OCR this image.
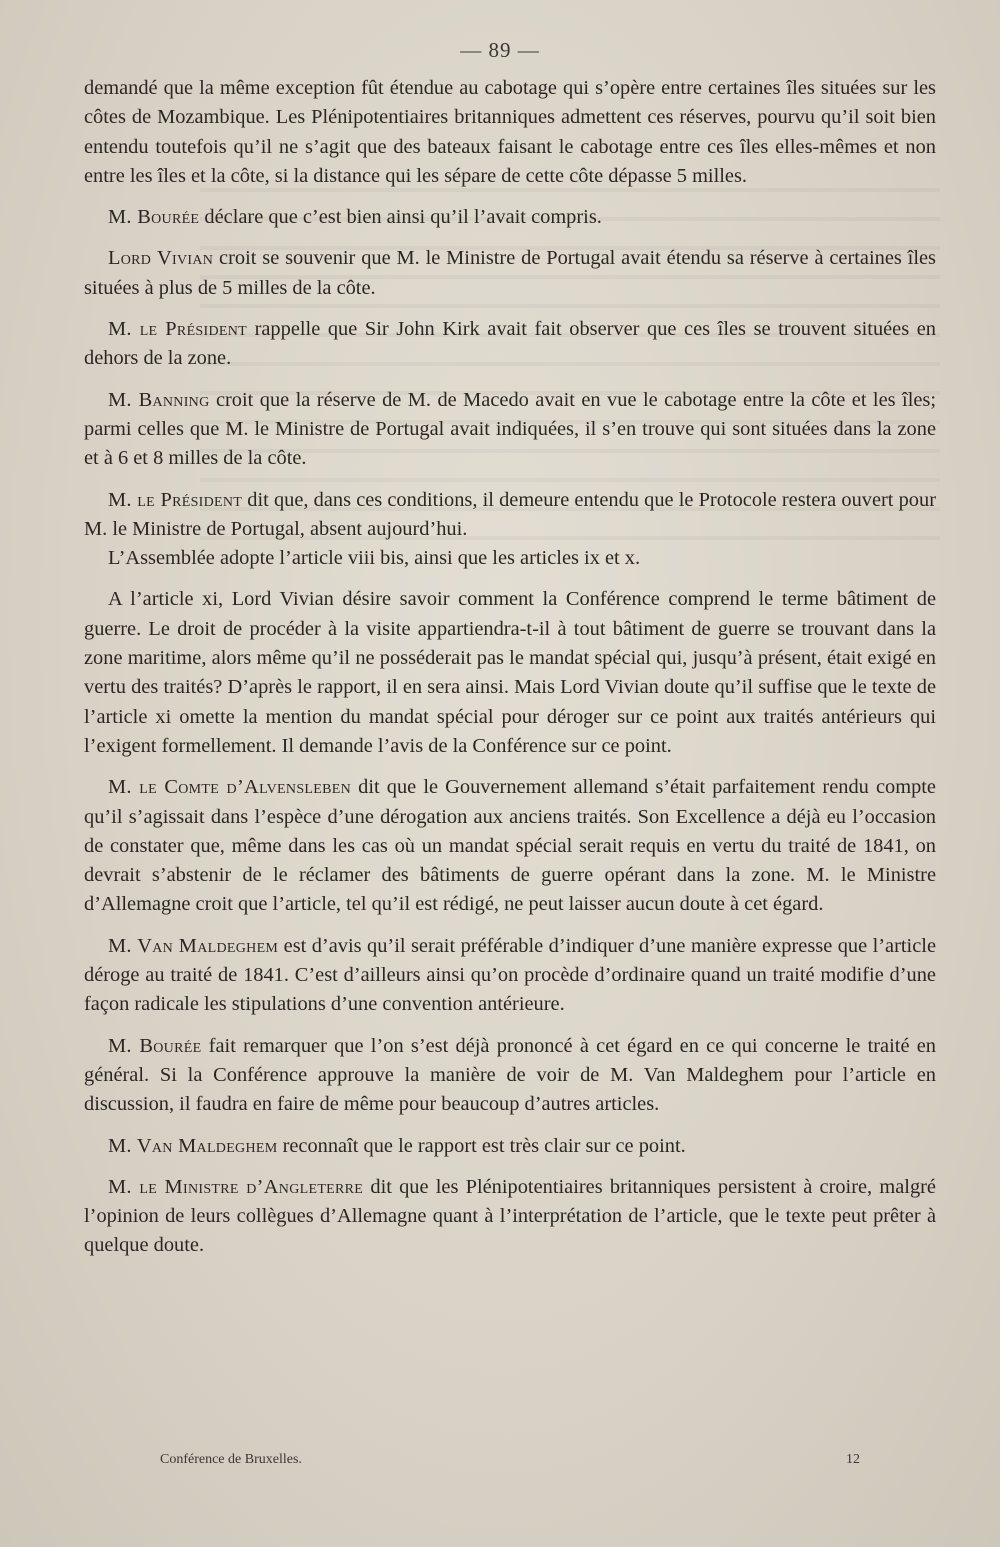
— 89 —

demandé que la même exception fût étendue au cabotage qui s’opère entre certaines îles situées sur les côtes de Mozambique. Les Plénipotentiaires britanniques admettent ces réserves, pourvu qu’il soit bien entendu toutefois qu’il ne s’agit que des bateaux faisant le cabotage entre ces îles elles-mêmes et non entre les îles et la côte, si la distance qui les sépare de cette côte dépasse 5 milles.

M. Bourée déclare que c’est bien ainsi qu’il l’avait compris.

Lord Vivian croit se souvenir que M. le Ministre de Portugal avait étendu sa réserve à certaines îles situées à plus de 5 milles de la côte.

M. le Président rappelle que Sir John Kirk avait fait observer que ces îles se trouvent situées en dehors de la zone.

M. Banning croit que la réserve de M. de Macedo avait en vue le cabotage entre la côte et les îles; parmi celles que M. le Ministre de Portugal avait indiquées, il s’en trouve qui sont situées dans la zone et à 6 et 8 milles de la côte.

M. le Président dit que, dans ces conditions, il demeure entendu que le Protocole restera ouvert pour M. le Ministre de Portugal, absent aujourd’hui.

L’Assemblée adopte l’article viii bis, ainsi que les articles ix et x.

A l’article xi, Lord Vivian désire savoir comment la Conférence comprend le terme bâtiment de guerre. Le droit de procéder à la visite appartiendra-t-il à tout bâtiment de guerre se trouvant dans la zone maritime, alors même qu’il ne posséderait pas le mandat spécial qui, jusqu’à présent, était exigé en vertu des traités? D’après le rapport, il en sera ainsi. Mais Lord Vivian doute qu’il suffise que le texte de l’article xi omette la mention du mandat spécial pour déroger sur ce point aux traités antérieurs qui l’exigent formellement. Il demande l’avis de la Conférence sur ce point.

M. le Comte d’Alvensleben dit que le Gouvernement allemand s’était parfaitement rendu compte qu’il s’agissait dans l’espèce d’une dérogation aux anciens traités. Son Excellence a déjà eu l’occasion de constater que, même dans les cas où un mandat spécial serait requis en vertu du traité de 1841, on devrait s’abstenir de le réclamer des bâtiments de guerre opérant dans la zone. M. le Ministre d’Allemagne croit que l’article, tel qu’il est rédigé, ne peut laisser aucun doute à cet égard.

M. Van Maldeghem est d’avis qu’il serait préférable d’indiquer d’une manière expresse que l’article déroge au traité de 1841. C’est d’ailleurs ainsi qu’on procède d’ordinaire quand un traité modifie d’une façon radicale les stipulations d’une convention antérieure.

M. Bourée fait remarquer que l’on s’est déjà prononcé à cet égard en ce qui concerne le traité en général. Si la Conférence approuve la manière de voir de M. Van Maldeghem pour l’article en discussion, il faudra en faire de même pour beaucoup d’autres articles.

M. Van Maldeghem reconnaît que le rapport est très clair sur ce point.

M. le Ministre d’Angleterre dit que les Plénipotentiaires britanniques persistent à croire, malgré l’opinion de leurs collègues d’Allemagne quant à l’interprétation de l’article, que le texte peut prêter à quelque doute.

Conférence de Bruxelles.	12
